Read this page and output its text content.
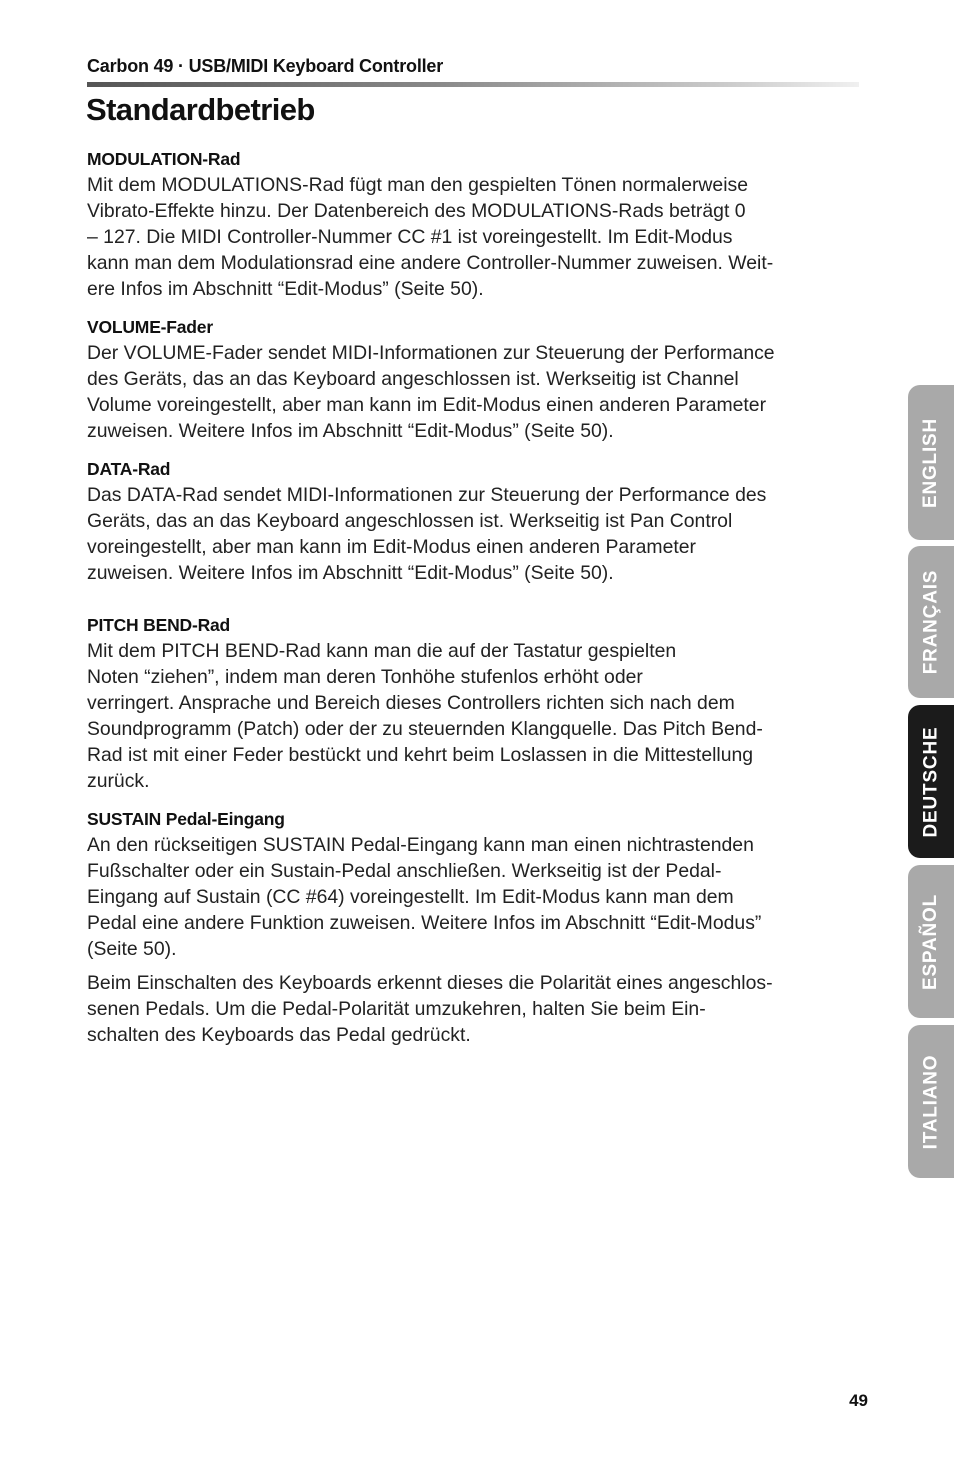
Carbon 49 · USB/MIDI Keyboard Controller
Standardbetrieb
MODULATION-Rad

Mit dem MODULATIONS-Rad fügt man den gespielten Tönen normalerweise
Vibrato-Effekte hinzu. Der Datenbereich des MODULATIONS-Rads beträgt 0
– 127. Die MIDI Controller-Nummer CC #1 ist voreingestellt. Im Edit-Modus
kann man dem Modulationsrad eine andere Controller-Nummer zuweisen. Weit-
ere Infos im Abschnitt “Edit-Modus” (Seite 50).

VOLUME-Fader

Der VOLUME-Fader sendet MIDI-Informationen zur Steuerung der Performance
des Geräts, das an das Keyboard angeschlossen ist. Werkseitig ist Channel
Volume voreingestellt, aber man kann im Edit-Modus einen anderen Parameter
zuweisen. Weitere Infos im Abschnitt “Edit-Modus” (Seite 50).

DATA-Rad

Das DATA-Rad sendet MIDI-Informationen zur Steuerung der Performance des
Geräts, das an das Keyboard angeschlossen ist. Werkseitig ist Pan Control
voreingestellt, aber man kann im Edit-Modus einen anderen Parameter
zuweisen. Weitere Infos im Abschnitt “Edit-Modus” (Seite 50).

PITCH BEND-Rad

Mit dem PITCH BEND-Rad kann man die auf der Tastatur gespielten
Noten “ziehen”, indem man deren Tonhöhe stufenlos erhöht oder
verringert. Ansprache und Bereich dieses Controllers richten sich nach dem
Soundprogramm (Patch) oder der zu steuernden Klangquelle. Das Pitch Bend-
Rad ist mit einer Feder bestückt und kehrt beim Loslassen in die Mittestellung
zurück.

SUSTAIN Pedal-Eingang

An den rückseitigen SUSTAIN Pedal-Eingang kann man einen nichtrastenden
Fußschalter oder ein Sustain-Pedal anschließen. Werkseitig ist der Pedal-
Eingang auf Sustain (CC #64) voreingestellt. Im Edit-Modus kann man dem
Pedal eine andere Funktion zuweisen. Weitere Infos im Abschnitt “Edit-Modus”
(Seite 50).

Beim Einschalten des Keyboards erkennt dieses die Polarität eines angeschlos-
senen Pedals. Um die Pedal-Polarität umzukehren, halten Sie beim Ein-
schalten des Keyboards das Pedal gedrückt.

ENGLISH
FRANÇAIS
DEUTSCHE
ESPAÑOL
ITALIANO
49
